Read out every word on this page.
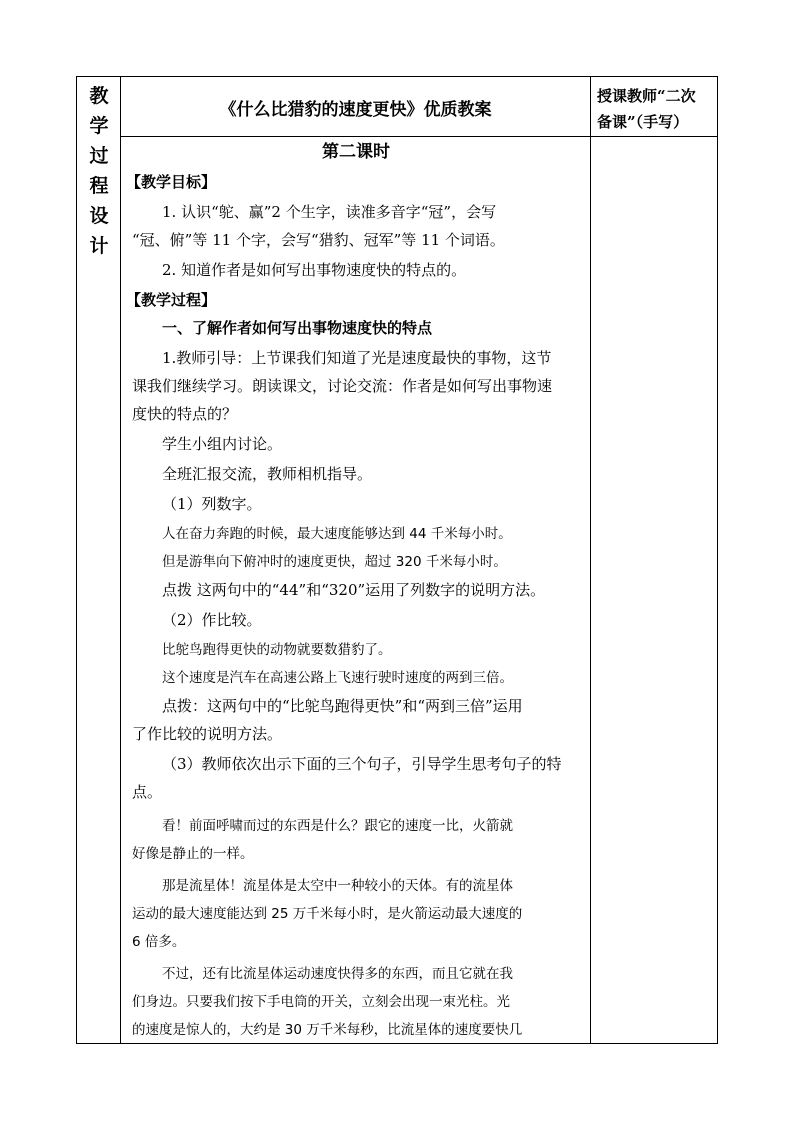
教
学
过
程
设
计
《什么比猎豹的速度更快》优质教案
授课教师“二次
备课”（手写）
第二课时
【教学目标】
1. 认识“鸵、赢”2 个生字，读准多音字“冠”，会写
“冠、俯”等 11 个字，会写“猎豹、冠军”等 11 个词语。
2. 知道作者是如何写出事物速度快的特点的。
【教学过程】
一、了解作者如何写出事物速度快的特点
1.教师引导：上节课我们知道了光是速度最快的事物，这节
课我们继续学习。朗读课文，讨论交流：作者是如何写出事物速
度快的特点的？
学生小组内讨论。
全班汇报交流，教师相机指导。
（1）列数字。
人在奋力奔跑的时候，最大速度能够达到 44 千米每小时。
但是游隼向下俯冲时的速度更快，超过 320 千米每小时。
点拨 这两句中的“44”和“320”运用了列数字的说明方法。
（2）作比较。
比鸵鸟跑得更快的动物就要数猎豹了。
这个速度是汽车在高速公路上飞速行驶时速度的两到三倍。
点拨：这两句中的“比鸵鸟跑得更快”和“两到三倍”运用
了作比较的说明方法。
（3）教师依次出示下面的三个句子，引导学生思考句子的特
点。
看！前面呼啸而过的东西是什么？跟它的速度一比，火箭就
好像是静止的一样。
那是流星体！流星体是太空中一种较小的天体。有的流星体
运动的最大速度能达到 25 万千米每小时，是火箭运动最大速度的
6 倍多。
不过，还有比流星体运动速度快得多的东西，而且它就在我
们身边。只要我们按下手电筒的开关，立刻会出现一束光柱。光
的速度是惊人的，大约是 30 万千米每秒，比流星体的速度要快几
